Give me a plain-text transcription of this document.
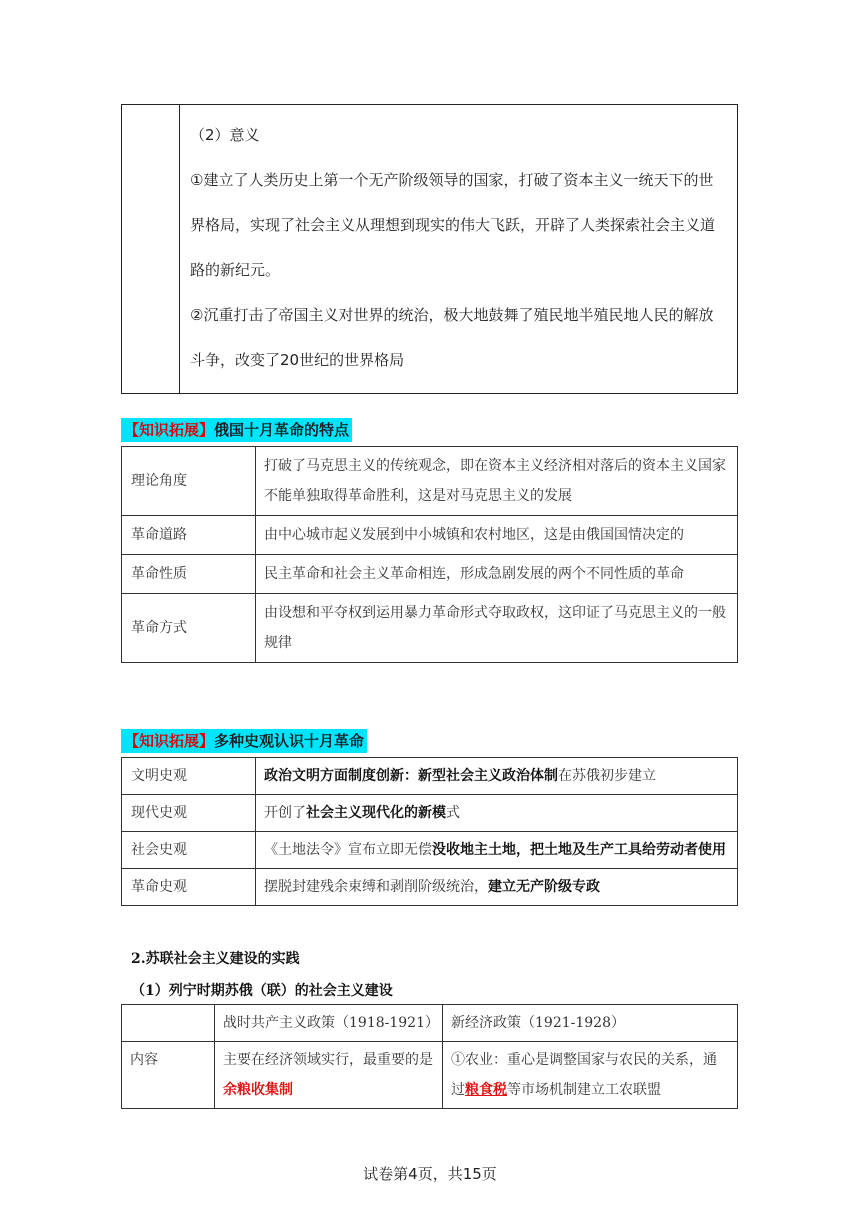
（2）意义

①建立了人类历史上第一个无产阶级领导的国家，打破了资本主义一统天下的世界格局，实现了社会主义从理想到现实的伟大飞跃，开辟了人类探索社会主义道路的新纪元。

②沉重打击了帝国主义对世界的统治，极大地鼓舞了殖民地半殖民地人民的解放斗争，改变了20世纪的世界格局

【知识拓展】俄国十月革命的特点
理论角度	打破了马克思主义的传统观念，即在资本主义经济相对落后的资本主义国家不能单独取得革命胜利，这是对马克思主义的发展
革命道路	由中心城市起义发展到中小城镇和农村地区，这是由俄国国情决定的
革命性质	民主革命和社会主义革命相连，形成急剧发展的两个不同性质的革命
革命方式	由设想和平夺权到运用暴力革命形式夺取政权，这印证了马克思主义的一般规律
【知识拓展】多种史观认识十月革命
文明史观	政治文明方面制度创新：新型社会主义政治体制在苏俄初步建立
现代史观	开创了社会主义现代化的新模式
社会史观	《土地法令》宣布立即无偿没收地主土地，把土地及生产工具给劳动者使用
革命史观	摆脱封建残余束缚和剥削阶级统治，建立无产阶级专政
2.苏联社会主义建设的实践
（1）列宁时期苏俄（联）的社会主义建设
	战时共产主义政策（1918-1921）	新经济政策（1921-1928）
内容	主要在经济领域实行，最重要的是余粮收集制	①农业：重心是调整国家与农民的关系，通过粮食税等市场机制建立工农联盟
试卷第4页，共15页
